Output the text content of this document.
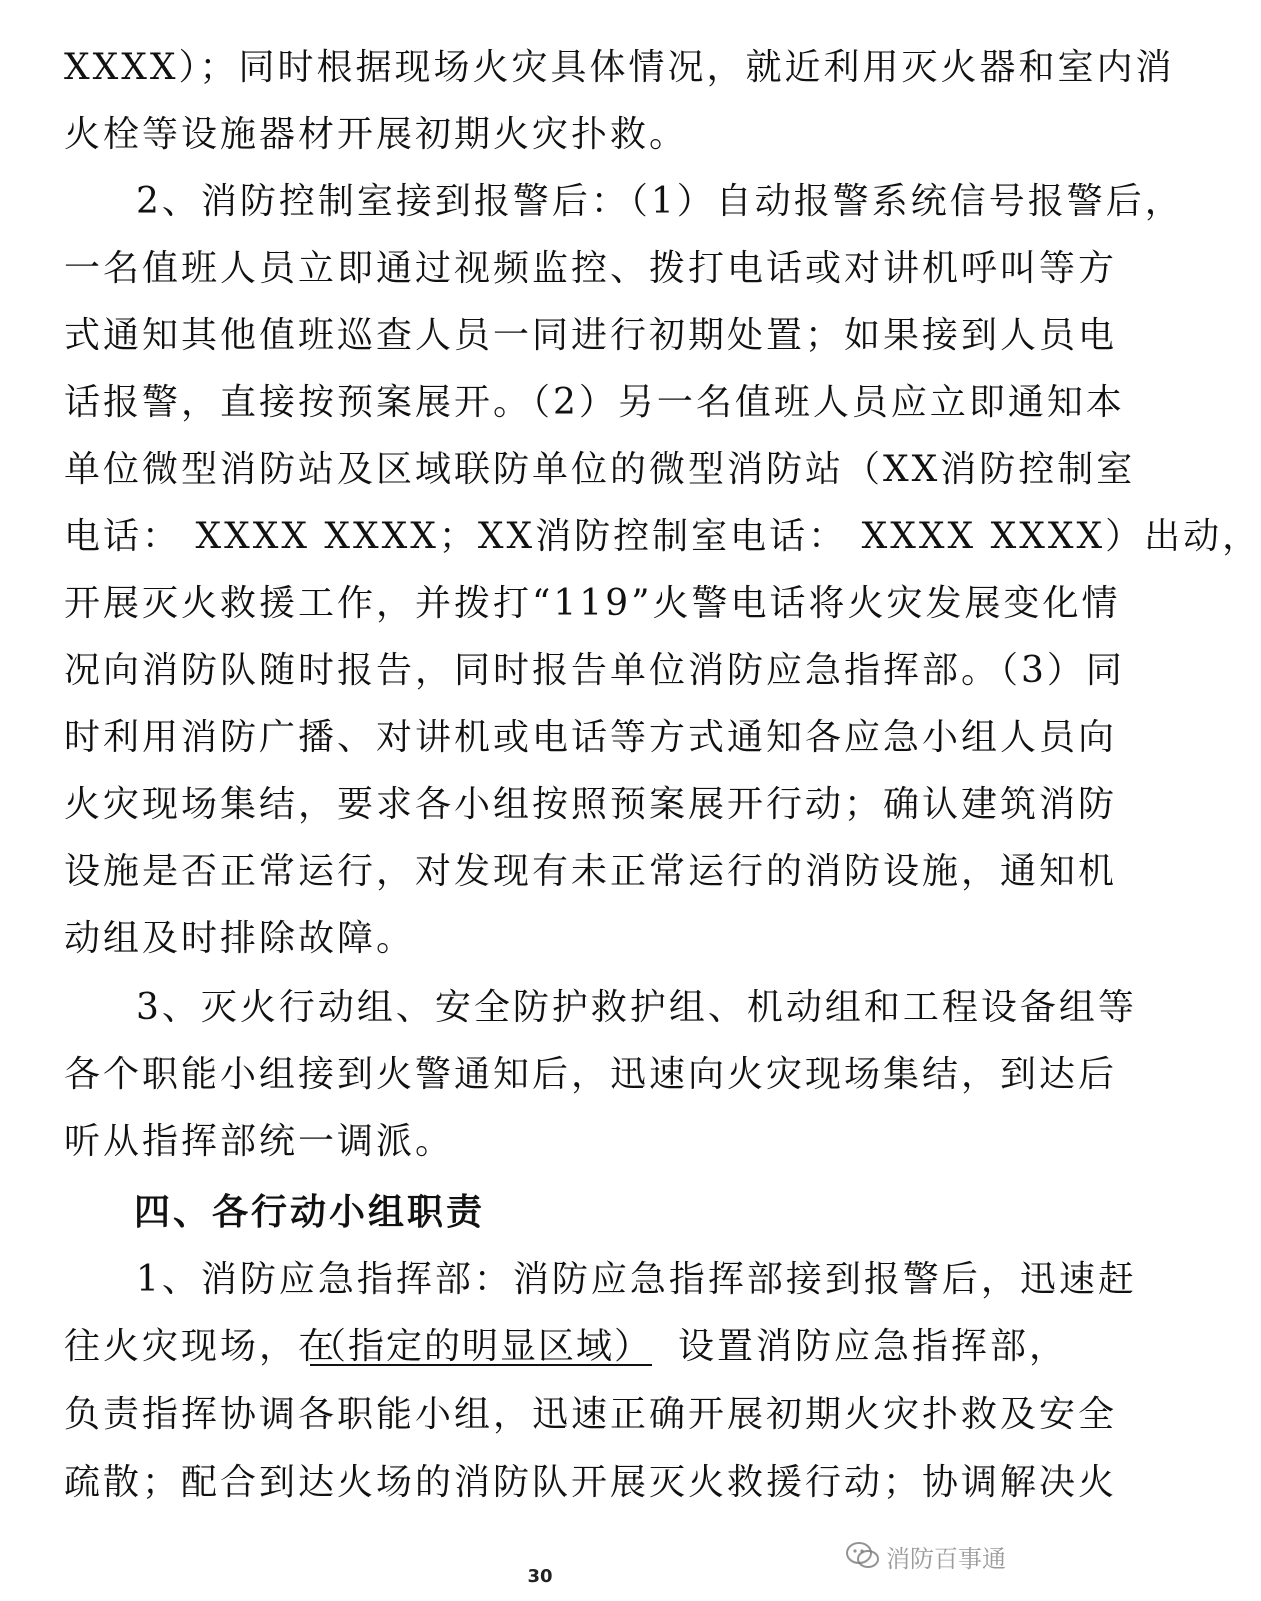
XXXX）；同时根据现场火灾具体情况，就近利用灭火器和室内消
火栓等设施器材开展初期火灾扑救。
2、消防控制室接到报警后：（1）自动报警系统信号报警后，
一名值班人员立即通过视频监控、拨打电话或对讲机呼叫等方
式通知其他值班巡查人员一同进行初期处置；如果接到人员电
话报警，直接按预案展开。（2）另一名值班人员应立即通知本
单位微型消防站及区域联防单位的微型消防站（XX消防控制室
电话： XXXX XXXX；XX消防控制室电话： XXXX XXXX）出动，
开展灭火救援工作，并拨打“119”火警电话将火灾发展变化情
况向消防队随时报告，同时报告单位消防应急指挥部。（3）同
时利用消防广播、对讲机或电话等方式通知各应急小组人员向
火灾现场集结，要求各小组按照预案展开行动；确认建筑消防
设施是否正常运行，对发现有未正常运行的消防设施，通知机
动组及时排除故障。
3、灭火行动组、安全防护救护组、机动组和工程设备组等
各个职能小组接到火警通知后，迅速向火灾现场集结，到达后
听从指挥部统一调派。
四、各行动小组职责
1、消防应急指挥部：消防应急指挥部接到报警后，迅速赶
往火灾现场，在
（指定的明显区域） 设置消防应急指挥部，
负责指挥协调各职能小组，迅速正确开展初期火灾扑救及安全
疏散；配合到达火场的消防队开展灭火救援行动；协调解决火
消防百事通
30
